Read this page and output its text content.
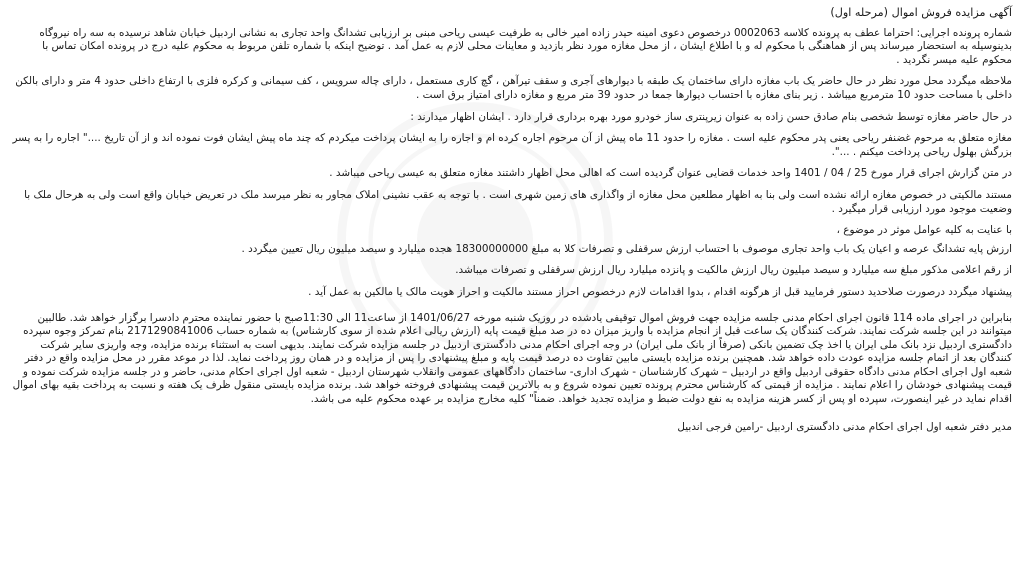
آگهی مزایده فروش اموال (مرحله اول)
شماره پرونده اجرایی: احتراما عطف به پرونده کلاسه 0002063 درخصوص دعوی امینه حیدر زاده امیر خالی به طرفیت عیسی ریاحی مبنی بر ارزیابی تشدانگ واحد تجاری به نشانی اردبیل خیابان شاهد نرسیده به سه راه نیروگاه بدینوسیله به استحضار میرساند پس از هماهنگی با محکوم له و با اطلاع ایشان ، از محل مغازه مورد نظر بازدید و معاینات محلی لازم به عمل آمد . توضیح اینکه با شماره تلفن مربوط به محکوم علیه درج در پرونده امکان تماس با محکوم علیه میسر نگردید .
ملاحظه میگردد محل مورد نظر در حال حاضر یک باب مغازه دارای ساختمان یک طبقه با دیوارهای آجری و سقف تیرآهن ، گچ کاری مستعمل ، دارای چاله سرویس ، کف سیمانی و کرکره فلزی با ارتفاع داخلی حدود 4 متر و دارای بالکن داخلی با مساحت حدود 10 مترمربع میباشد . زیر بنای مغازه با احتساب دیوارها جمعا در حدود 39 متر مربع و مغازه دارای امتیاز برق است .
در حال حاضر مغازه توسط شخصی بنام صادق حسن زاده به عنوان زیرپنتری ساز خودرو مورد بهره برداری قرار دارد . ایشان اظهار میدارند :
مغازه متعلق به مرحوم غضنفر ریاحی یعنی پدر محکوم علیه است . مغازه را حدود 11 ماه پیش از آن مرحوم اجاره کرده ام و اجاره را به ایشان پرداخت میکردم که چند ماه پیش ایشان فوت نموده اند و از آن تاریخ ...." اجاره را به پسر بزرگش بهلول ریاحی پرداخت میکنم . ...".
در متن گزارش اجرای قرار مورخ 25 / 04 / 1401 واحد خدمات قضایی عنوان گردیده است که اهالی محل اظهار داشتند مغازه متعلق به عیسی ریاحی میباشد .
مستند مالکیتی در خصوص مغازه ارائه نشده است ولی بنا به اظهار مطلعین محل مغازه از واگذاری های زمین شهری است . با توجه به عقب نشینی املاک مجاور به نظر میرسد ملک در تعریض خیابان واقع است ولی به هرحال ملک با وضعیت موجود مورد ارزیابی قرار میگیرد .
با عنایت به کلیه عوامل موثر در موضوع ،
ارزش پایه تشدانگ عرصه و اعیان یک باب واحد تجاری موصوف با احتساب ارزش سرقفلی و تصرفات کلا به مبلغ 18300000000 هجده میلیارد و سیصد میلیون ریال تعیین میگردد .
از رقم اعلامی مذکور مبلغ سه میلیارد و سیصد میلیون ریال ارزش مالکیت و پانزده میلیارد ریال ارزش سرقفلی و تصرفات میباشد.
پیشنهاد میگردد درصورت صلاحدید دستور فرمایید قبل از هرگونه اقدام ، بدوا اقدامات لازم درخصوص احراز مستند مالکیت و احراز هویت مالک یا مالکین به عمل آید .
بنابراین در اجرای ماده 114 قانون اجرای احکام مدنی جلسه مزایده جهت فروش اموال توقیفی یادشده در روزیک شنبه مورخه 1401/06/27 از ساعت11 الی 11:30صبح با حضور نماینده محترم دادسرا برگزار خواهد شد. طالبین میتوانند در این جلسه شرکت نمایند. شرکت کنندگان یک ساعت قبل از انجام مزایده با واریز میزان ده در صد مبلغ قیمت پایه (ارزش ریالی اعلام شده از سوی کارشناس) به شماره حساب 2171290841006 بنام تمرکز وجوه سپرده دادگستری اردبیل نزد بانک ملی ایران یا اخذ چک تضمین بانکی (صرفاً از بانک ملی ایران) در وجه اجرای احکام مدنی دادگستری اردبیل در جلسه مزایده شرکت نمایند. بدیهی است به استثناء برنده مزایده، وجه واریزی سایر شرکت کنندگان بعد از اتمام جلسه مزایده عودت داده خواهد شد. همچنین برنده مزایده بایستی مابین تفاوت ده درصد قیمت پایه و مبلغ پیشنهادی را پس از مزایده و در همان روز پرداخت نماید. لذا در موعد مقرر در محل مزایده واقع در دفتر شعبه اول اجرای احکام مدنی دادگاه حقوقی اردبیل واقع در اردبیل – شهرک کارشناسان - شهرک اداری- ساختمان دادگاههای عمومی وانقلاب شهرستان اردبیل - شعبه اول اجرای احکام مدنی، حاضر و در جلسه مزایده شرکت نموده و قیمت پیشنهادی خودشان را اعلام نمایند . مزایده از قیمتی که کارشناس محترم پرونده تعیین نموده شروع و به بالاترین قیمت پیشنهادی فروخته خواهد شد. برنده مزایده بایستی منقول ظرف یک هفته و نسبت به پرداخت بقیه بهای اموال اقدام نماید در غیر اینصورت، سپرده او پس از کسر هزینه مزایده به نفع دولت ضبط و مزایده تجدید خواهد. ضمناً" کلیه مخارج مزایده بر عهده محکوم علیه می باشد.
مدیر دفتر شعبه اول اجرای احکام مدنی دادگستری اردبیل -رامین فرجی اندبیل
